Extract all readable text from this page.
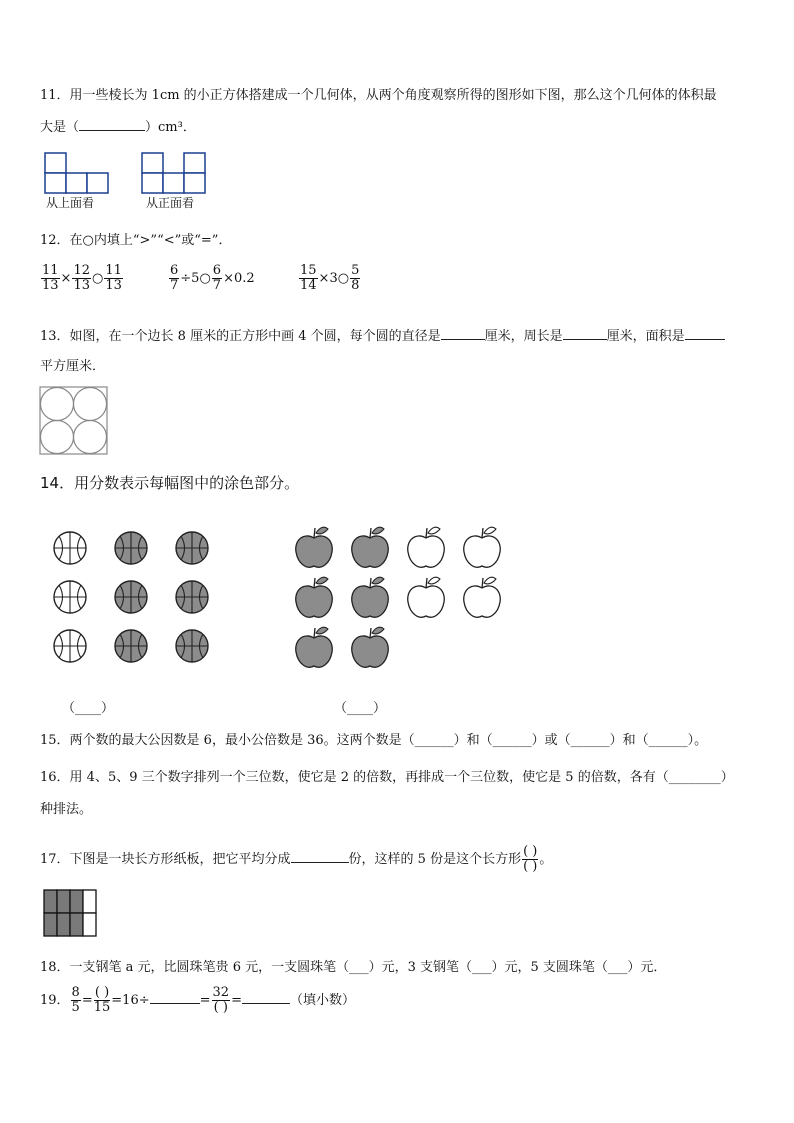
11．用一些棱长为 1cm 的小正方体搭建成一个几何体，从两个角度观察所得的图形如下图，那么这个几何体的体积最
大是（	）cm³．
从上面看	从正面看
12．在○内填上“>”“<”或“=”．
$\frac{11}{13} \times \frac{12}{13}$ ○ $\frac{11}{13}$	$\frac{6}{7}$ ÷5○ $\frac{6}{7} \times 0.2$	$\frac{15}{14}$ ×3○ $\frac{5}{8}$
13．如图，在一个边长 8 厘米的正方形中画 4 个圆，每个圆的直径是	厘米，周长是	厘米，面积是
平方厘米．
14．用分数表示每幅图中的涂色部分。
（____）	（____）
15．两个数的最大公因数是 6，最小公倍数是 36。这两个数是（______）和（______）或（______）和（______）。
16．用 4、5、9 三个数字排列一个三位数，使它是 2 的倍数，再排成一个三位数，使它是 5 的倍数，各有（________）
种排法。
17．下图是一块长方形纸板，把它平均分成	份，这样的 5 份是这个长方形 $\frac{( )}{( )}$ 。
18．一支钢笔 a 元，比圆珠笔贵 6 元，一支圆珠笔（___）元，3 支钢笔（___）元，5 支圆珠笔（___）元．
19． $\frac{8}{5} = \frac{( )}{15} =16\div$	= $\frac{32}{( )}$ =	（填小数）
